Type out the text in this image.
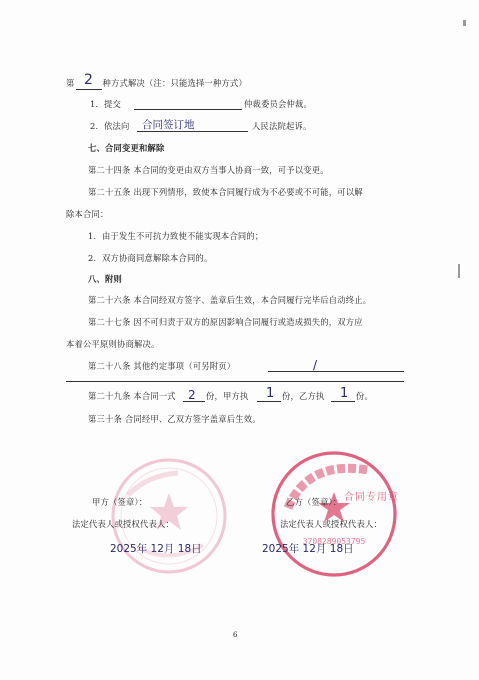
第	种方式解决（注：只能选择一种方式）
2
1．提交	仲裁委员会仲裁。
2．依法向 合同签订地	人民法院起诉。
七、合同变更和解除
第二十四条 本合同的变更由双方当事人协商一致，可予以变更。
第二十五条 出现下列情形，致使本合同履行成为不必要或不可能，可以解
除本合同：
1．由于发生不可抗力致使不能实现本合同的；
2．双方协商同意解除本合同的。
八、附则
第二十六条 本合同经双方签字、盖章后生效，本合同履行完毕后自动终止。
第二十七条 因不可归责于双方的原因影响合同履行或造成损失的，双方应
本着公平原则协商解决。
第二十八条 其他约定事项（可另附页）	/
第二十九条 本合同一式 2 份，甲方执 1 份，乙方执 1 份。
第三十条 合同经甲、乙双方签字盖章后生效。
3708289053795
合同专用章
甲方（签章）：
法定代表人或授权代表人：
2025年 12月 18日
乙方（签章）：
法定代表人或授权代表人：
2025年 12月 18日
6
